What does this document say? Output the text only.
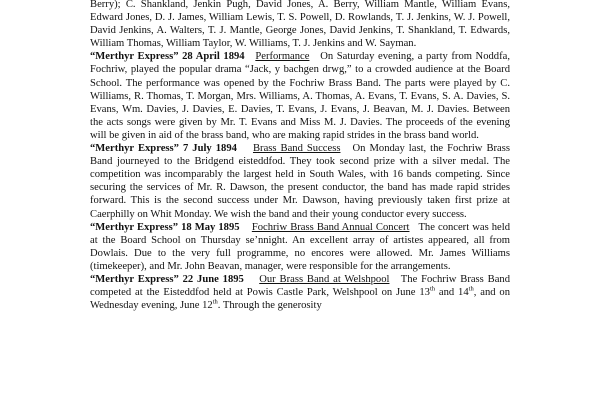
Berry); C. Shankland, Jenkin Pugh, David Jones, A. Berry, William Mantle, William Evans, Edward Jones, D. J. James, William Lewis, T. S. Powell, D. Rowlands, T. J. Jenkins, W. J. Powell, David Jenkins, A. Walters, T. J. Mantle, George Jones, David Jenkins, T. Shankland, T. Edwards, William Thomas, William Taylor, W. Williams, T. J. Jenkins and W. Sayman.

“Merthyr Express” 28 April 1894 Performance On Saturday evening, a party from Noddfa, Fochriw, played the popular drama “Jack, y bachgen drwg,” to a crowded audience at the Board School. The performance was opened by the Fochriw Brass Band. The parts were played by C. Williams, R. Thomas, T. Morgan, Mrs. Williams, A. Thomas, A. Evans, T. Evans, S. A. Davies, S. Evans, Wm. Davies, J. Davies, E. Davies, T. Evans, J. Evans, J. Beavan, M. J. Davies. Between the acts songs were given by Mr. T. Evans and Miss M. J. Davies. The proceeds of the evening will be given in aid of the brass band, who are making rapid strides in the brass band world.

“Merthyr Express” 7 July 1894 Brass Band Success On Monday last, the Fochriw Brass Band journeyed to the Bridgend eisteddfod. They took second prize with a silver medal. The competition was incomparably the largest held in South Wales, with 16 bands competing. Since securing the services of Mr. R. Dawson, the present conductor, the band has made rapid strides forward. This is the second success under Mr. Dawson, having previously taken first prize at Caerphilly on Whit Monday. We wish the band and their young conductor every success.

“Merthyr Express” 18 May 1895 Fochriw Brass Band Annual Concert The concert was held at the Board School on Thursday se’nnight. An excellent array of artistes appeared, all from Dowlais. Due to the very full programme, no encores were allowed. Mr. James Williams (timekeeper), and Mr. John Beavan, manager, were responsible for the arrangements.

“Merthyr Express” 22 June 1895 Our Brass Band at Welshpool The Fochriw Brass Band competed at the Eisteddfod held at Powis Castle Park, Welshpool on June 13th and 14th, and on Wednesday evening, June 12th. Through the generosity
